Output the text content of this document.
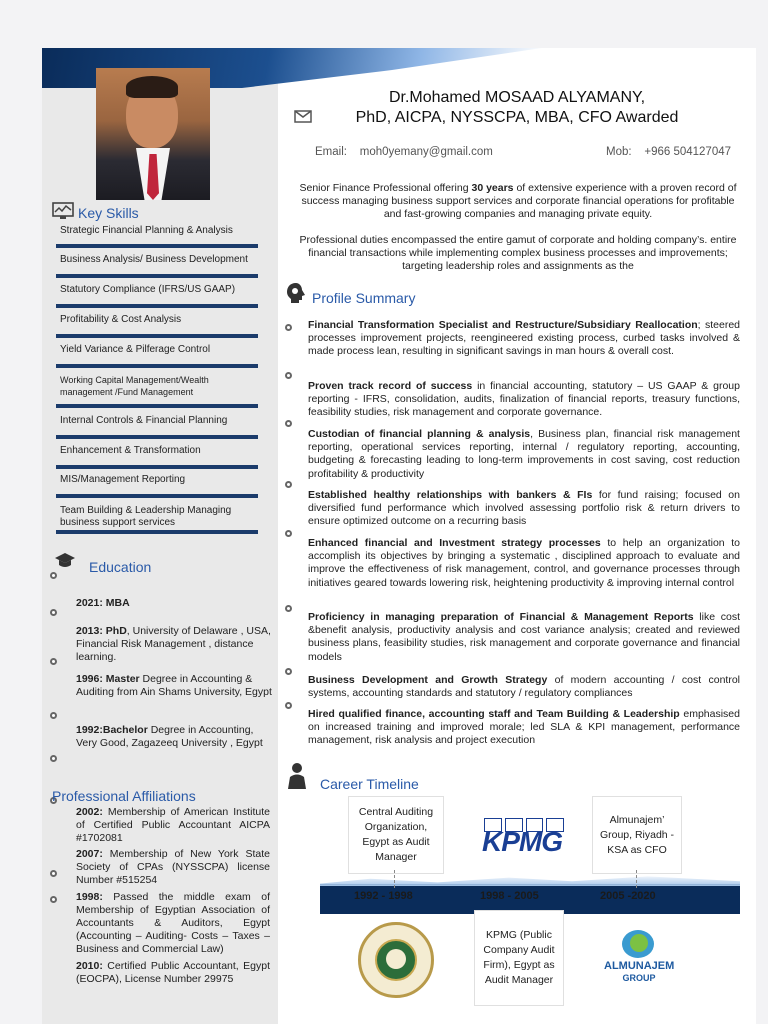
Key Skills
Strategic Financial Planning & Analysis
Business Analysis/ Business Development
Statutory Compliance (IFRS/US GAAP)
Profitability & Cost Analysis
Yield Variance & Pilferage Control
Working Capital Management/Wealth management /Fund Management
Internal Controls & Financial Planning
Enhancement & Transformation
MIS/Management Reporting
Team Building & Leadership Managing business support services
Education
2021: MBA
2013: PhD, University of Delaware , USA, Financial Risk Management , distance learning.
1996: Master Degree in Accounting & Auditing from Ain Shams University, Egypt
1992:Bachelor Degree in Accounting, Very Good, Zagazeeq University , Egypt
Professional Affiliations
2002: Membership of American Institute of Certified Public Accountant AICPA #1702081
2007: Membership of New York State Society of CPAs (NYSSCPA) license Number #515254
1998: Passed the middle exam of Membership of Egyptian Association of Accountants & Auditors, Egypt (Accounting – Auditing- Costs – Taxes – Business and Commercial Law)
2010: Certified Public Accountant, Egypt (EOCPA), License Number 29975
Dr.Mohamed MOSAAD ALYAMANY,
PhD, AICPA, NYSSCPA, MBA, CFO Awarded
Email: moh0yemany@gmail.com	Mob: +966 504127047
Senior Finance Professional offering 30 years of extensive experience with a proven record of success managing business support services and corporate financial operations for profitable and fast-growing companies and managing private equity.
Professional duties encompassed the entire gamut of corporate and holding company’s. entire financial transactions while implementing complex business processes and improvements; targeting leadership roles and assignments as the
Profile Summary
Financial Transformation Specialist and Restructure/Subsidiary Reallocation; steered processes improvement projects, reengineered existing process, curbed tasks involved & made process lean, resulting in significant savings in man hours & overall cost.
Proven track record of success in financial accounting, statutory – US GAAP & group reporting - IFRS, consolidation, audits, finalization of financial reports, treasury functions, feasibility studies, risk management and corporate governance.
Custodian of financial planning & analysis, Business plan, financial risk management reporting, operational services reporting, internal / regulatory reporting, accounting, budgeting & forecasting leading to long-term improvements in cost saving, cost reduction profitability & productivity
Established healthy relationships with bankers & FIs for fund raising; focused on diversified fund performance which involved assessing portfolio risk & return drivers to ensure optimized outcome on a recurring basis
Enhanced financial and Investment strategy processes to help an organization to accomplish its objectives by bringing a systematic , disciplined approach to evaluate and improve the effectiveness of risk management, control, and governance processes through initiatives geared towards lowering risk, heightening productivity & improving internal control
Proficiency in managing preparation of Financial & Management Reports like cost &benefit analysis, productivity analysis and cost variance analysis; created and reviewed business plans, feasibility studies, risk management and corporate governance and financial models
Business Development and Growth Strategy of modern accounting / cost control systems, accounting standards and statutory / regulatory compliances
Hired qualified finance, accounting staff and Team Building & Leadership emphasised on increased training and improved morale; led SLA & KPI management, performance management, risk analysis and project execution
Career Timeline
Central Auditing Organization, Egypt as Audit Manager	KPMG
Almunajem’ Group, Riyadh - KSA as CFO
1992 - 1998	1998 - 2005	2005 -2020
KPMG (Public Company Audit Firm), Egypt as Audit Manager
ALMUNAJEM
GROUP
